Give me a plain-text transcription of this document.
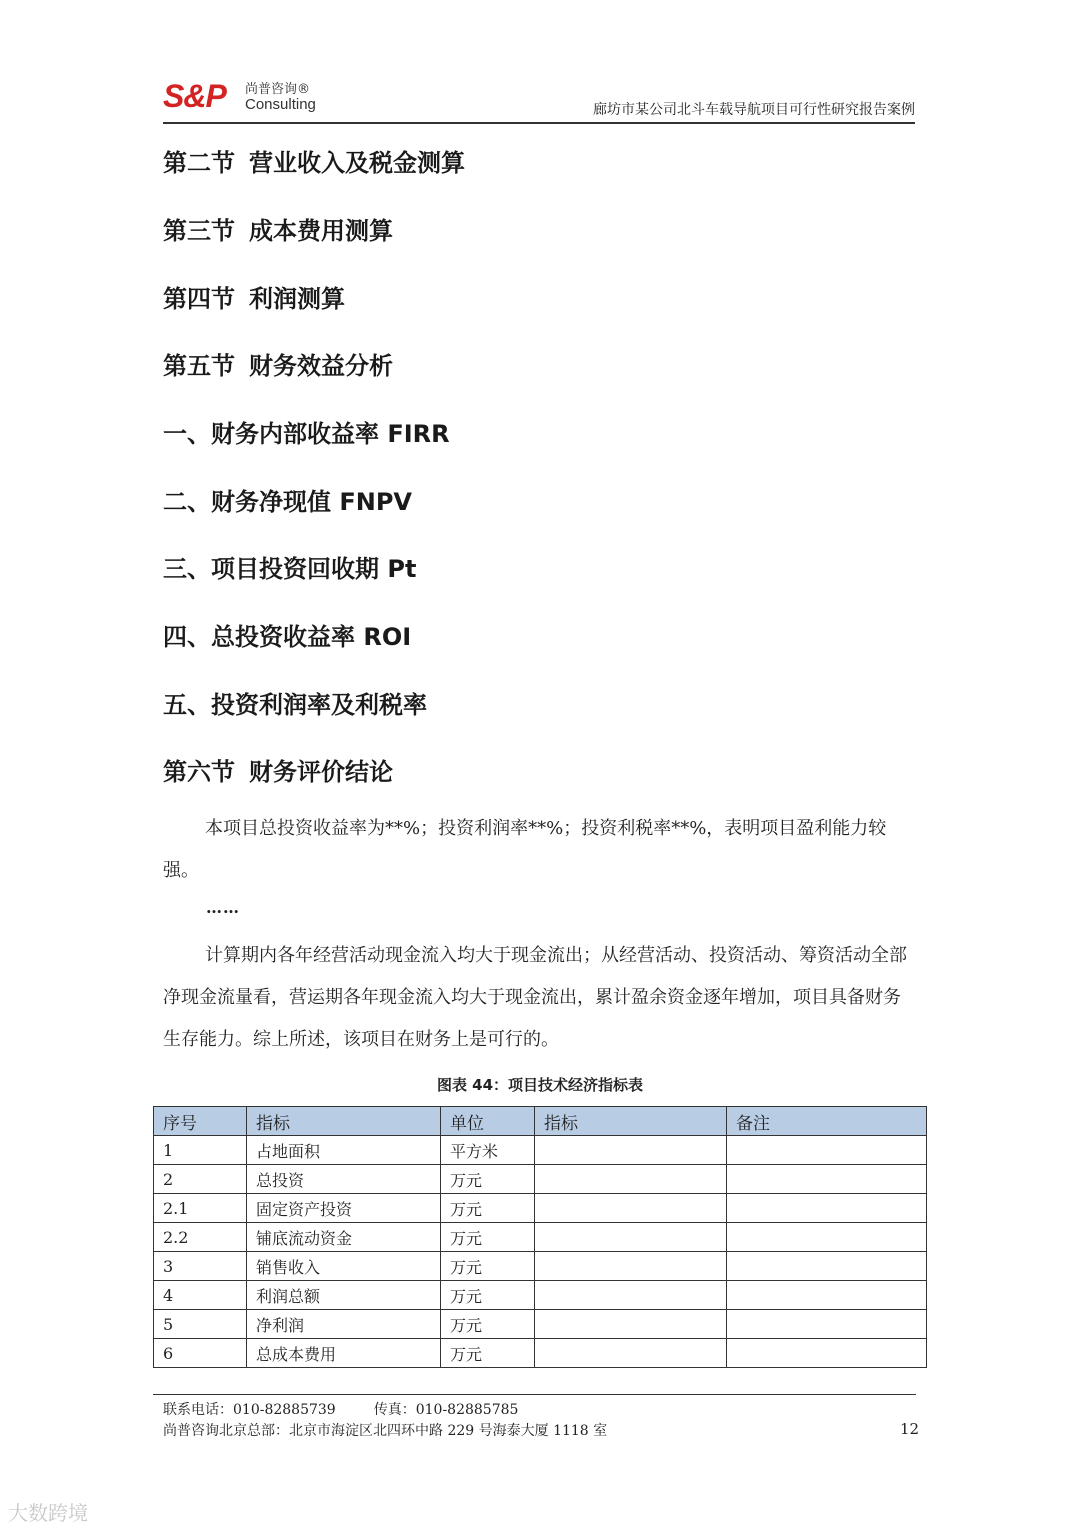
S&P 尚普咨询®
Consulting	廊坊市某公司北斗车载导航项目可行性研究报告案例
第二节 营业收入及税金测算
第三节 成本费用测算
第四节 利润测算
第五节 财务效益分析
一、财务内部收益率 FIRR
二、财务净现值 FNPV
三、项目投资回收期 Pt
四、总投资收益率 ROI
五、投资利润率及利税率
第六节 财务评价结论
本项目总投资收益率为**%；投资利润率**%；投资利税率**%，表明项目盈利能力较强。
……
计算期内各年经营活动现金流入均大于现金流出；从经营活动、投资活动、筹资活动全部净现金流量看，营运期各年现金流入均大于现金流出，累计盈余资金逐年增加，项目具备财务生存能力。综上所述，该项目在财务上是可行的。
图表 44：项目技术经济指标表
序号	指标	单位	指标	备注
1	占地面积	平方米		
2	总投资	万元		
2.1	固定资产投资	万元		
2.2	铺底流动资金	万元		
3	销售收入	万元		
4	利润总额	万元		
5	净利润	万元		
6	总成本费用	万元		
联系电话：010-82885739	传真：010-82885785
尚普咨询北京总部：北京市海淀区北四环中路 229 号海泰大厦 1118 室	12
大数跨境
